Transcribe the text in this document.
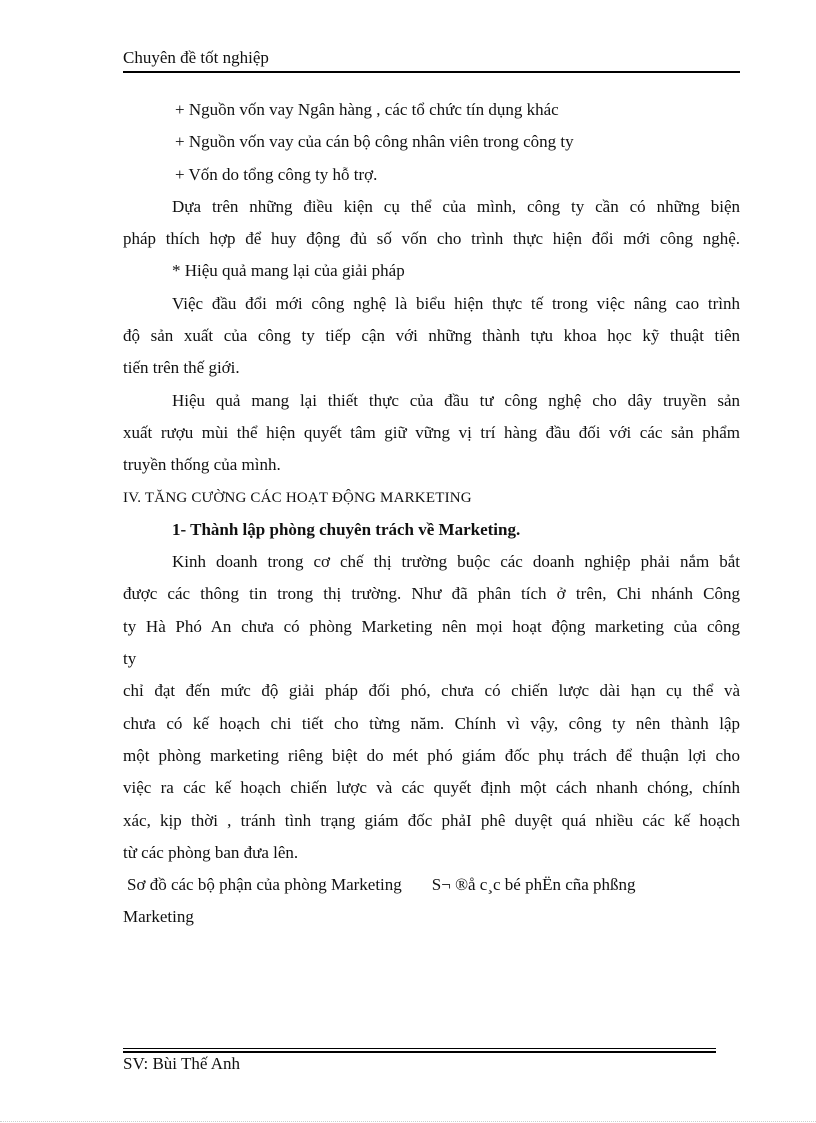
Chuyên đề tốt nghiệp
+ Nguồn vốn vay Ngân hàng , các tổ chức tín dụng khác
+ Nguồn vốn vay của cán bộ công nhân viên trong công ty
+ Vốn do tổng công ty hỗ trợ.
Dựa trên những điều kiện cụ thể của mình, công ty cần có những biện
pháp thích hợp để huy động đủ số vốn cho trình thực hiện đổi mới công nghệ.
* Hiệu quả mang lại của giải pháp
Việc đầu đổi mới công nghệ là biểu hiện thực tế trong việc nâng cao trình
độ sản xuất của công ty tiếp cận với những thành tựu khoa học kỹ thuật tiên
tiến trên thế giới.
Hiệu quả mang lại thiết thực của đầu tư công nghệ cho dây truyền sản
xuất rượu mùi thể hiện quyết tâm giữ vững vị trí hàng đầu đối với các sản phẩm
truyền thống của mình.
IV. TĂNG CƯỜNG CÁC HOẠT ĐỘNG MARKETING
1- Thành lập phòng chuyên trách về Marketing.
Kinh doanh trong cơ chế thị trường buộc các doanh nghiệp phải nắm bắt
được các thông tin trong thị trường. Như đã phân tích ở trên, Chi nhánh Công
ty Hà Phó An chưa có phòng Marketing nên mọi hoạt động marketing của công
ty
chỉ đạt đến mức độ giải pháp đối phó, chưa có chiến lược dài hạn cụ thể và
chưa có kế hoạch chi tiết cho từng năm. Chính vì vậy, công ty nên thành lập
một phòng marketing riêng biệt do mét phó giám đốc phụ trách để thuận lợi cho
việc ra các kế hoạch chiến lược và các quyết định một cách nhanh chóng, chính
xác, kịp thời , tránh tình trạng giám đốc phảI phê duyệt quá nhiều các kế hoạch
từ các phòng ban đưa lên.
Sơ đồ các bộ phận của phòng Marketing S¬ ®å c¸c bé phËn cña phßng
Marketing
SV: Bùi Thế Anh
